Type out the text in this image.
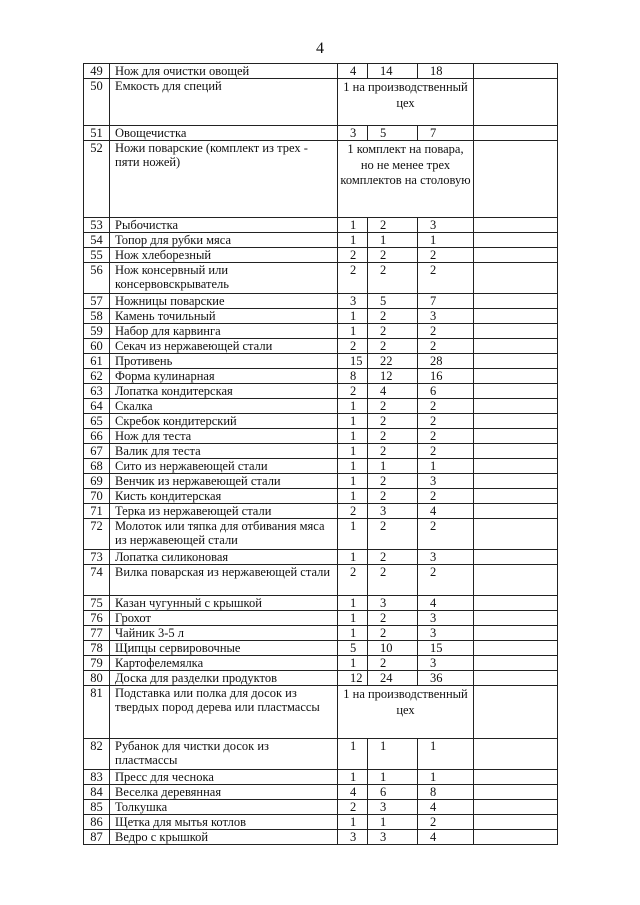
4
49	Нож для очистки овощей	4	14	18	
50	Емкость для специй	1 на производственный цех			
51	Овощечистка	3	5	7	
52	Ножи поварские (комплект из трех - пяти ножей)	1 комплект на повара, но не менее трех комплектов на столовую			
53	Рыбочистка	1	2	3	
54	Топор для рубки мяса	1	1	1	
55	Нож хлеборезный	2	2	2	
56	Нож консервный или консервовскрыватель	2	2	2	
57	Ножницы поварские	3	5	7	
58	Камень точильный	1	2	3	
59	Набор для карвинга	1	2	2	
60	Секач из нержавеющей стали	2	2	2	
61	Противень	15	22	28	
62	Форма кулинарная	8	12	16	
63	Лопатка кондитерская	2	4	6	
64	Скалка	1	2	2	
65	Скребок кондитерский	1	2	2	
66	Нож для теста	1	2	2	
67	Валик для теста	1	2	2	
68	Сито из нержавеющей стали	1	1	1	
69	Венчик из нержавеющей стали	1	2	3	
70	Кисть кондитерская	1	2	2	
71	Терка из нержавеющей стали	2	3	4	
72	Молоток или тяпка для отбивания мяса из нержавеющей стали	1	2	2	
73	Лопатка силиконовая	1	2	3	
74	Вилка поварская из нержавеющей стали	2	2	2	
75	Казан чугунный с крышкой	1	3	4	
76	Грохот	1	2	3	
77	Чайник 3-5 л	1	2	3	
78	Щипцы сервировочные	5	10	15	
79	Картофелемялка	1	2	3	
80	Доска для разделки продуктов	12	24	36	
81	Подставка или полка для досок из твердых пород дерева или пластмассы	1 на производственный цех			
82	Рубанок для чистки досок из пластмассы	1	1	1	
83	Пресс для чеснока	1	1	1	
84	Веселка деревянная	4	6	8	
85	Толкушка	2	3	4	
86	Щетка для мытья котлов	1	1	2	
87	Ведро с крышкой	3	3	4	
